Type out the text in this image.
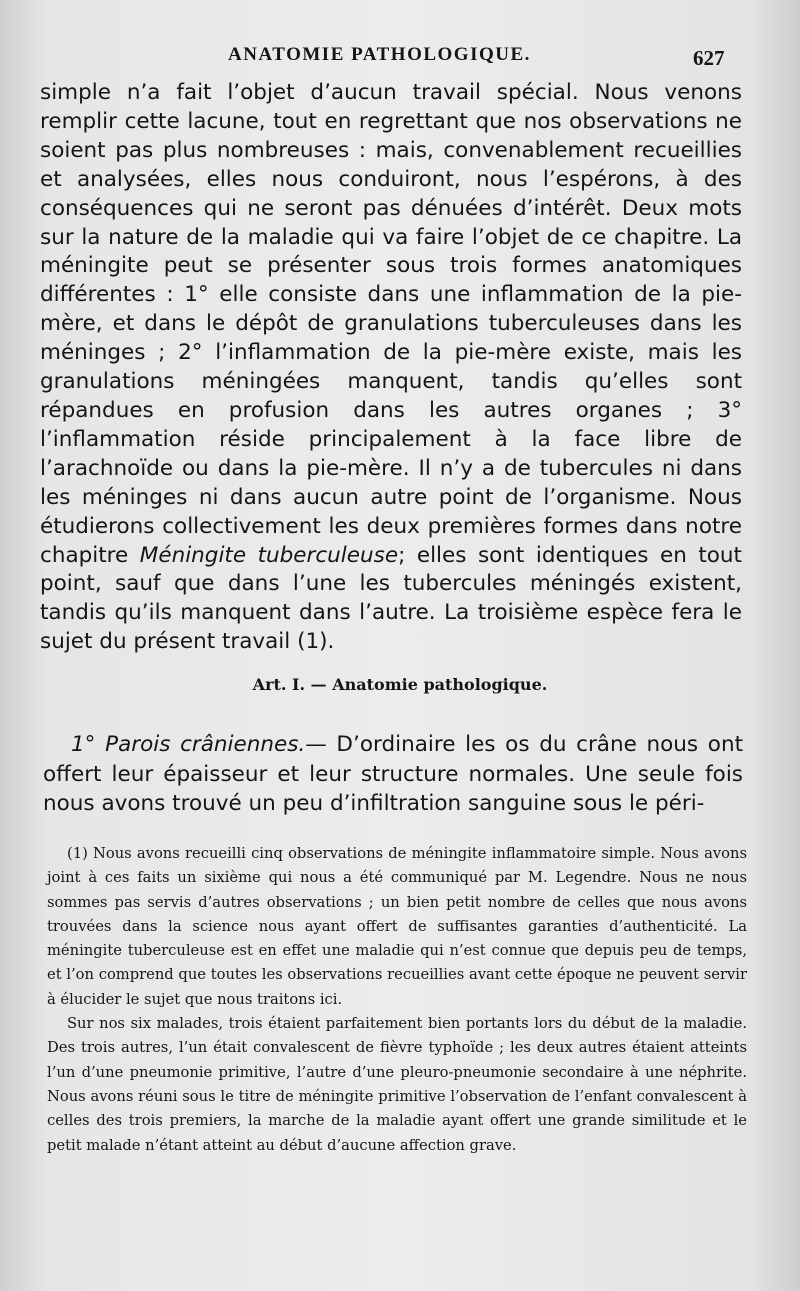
ANATOMIE PATHOLOGIQUE.	627

simple n’a fait l’objet d’aucun travail spécial. Nous venons remplir cette lacune, tout en regrettant que nos observations ne soient pas plus nombreuses : mais, convenablement recueillies et analysées, elles nous conduiront, nous l’espérons, à des conséquences qui ne seront pas dénuées d’intérêt. Deux mots sur la nature de la maladie qui va faire l’objet de ce chapitre. La méningite peut se présenter sous trois formes anatomiques différentes : 1° elle consiste dans une inflammation de la pie-mère, et dans le dépôt de granulations tuberculeuses dans les méninges ; 2° l’inflammation de la pie-mère existe, mais les granulations méningées manquent, tandis qu’elles sont répandues en profusion dans les autres organes ; 3° l’inflammation réside principalement à la face libre de l’arachnoïde ou dans la pie-mère. Il n’y a de tubercules ni dans les méninges ni dans aucun autre point de l’organisme. Nous étudierons collectivement les deux premières formes dans notre chapitre Méningite tuberculeuse; elles sont identiques en tout point, sauf que dans l’une les tubercules méningés existent, tandis qu’ils manquent dans l’autre. La troisième espèce fera le sujet du présent travail (1).

Art. I. — Anatomie pathologique.

1° Parois crâniennes.— D’ordinaire les os du crâne nous ont offert leur épaisseur et leur structure normales. Une seule fois nous avons trouvé un peu d’infiltration sanguine sous le péri-

(1) Nous avons recueilli cinq observations de méningite inflammatoire simple. Nous avons joint à ces faits un sixième qui nous a été communiqué par M. Legendre. Nous ne nous sommes pas servis d’autres observations ; un bien petit nombre de celles que nous avons trouvées dans la science nous ayant offert de suffisantes garanties d’authenticité. La méningite tuberculeuse est en effet une maladie qui n’est connue que depuis peu de temps, et l’on comprend que toutes les observations recueillies avant cette époque ne peuvent servir à élucider le sujet que nous traitons ici.

Sur nos six malades, trois étaient parfaitement bien portants lors du début de la maladie. Des trois autres, l’un était convalescent de fièvre typhoïde ; les deux autres étaient atteints l’un d’une pneumonie primitive, l’autre d’une pleuro-pneumonie secondaire à une néphrite. Nous avons réuni sous le titre de méningite primitive l’observation de l’enfant convalescent à celles des trois premiers, la marche de la maladie ayant offert une grande similitude et le petit malade n’étant atteint au début d’aucune affection grave.
